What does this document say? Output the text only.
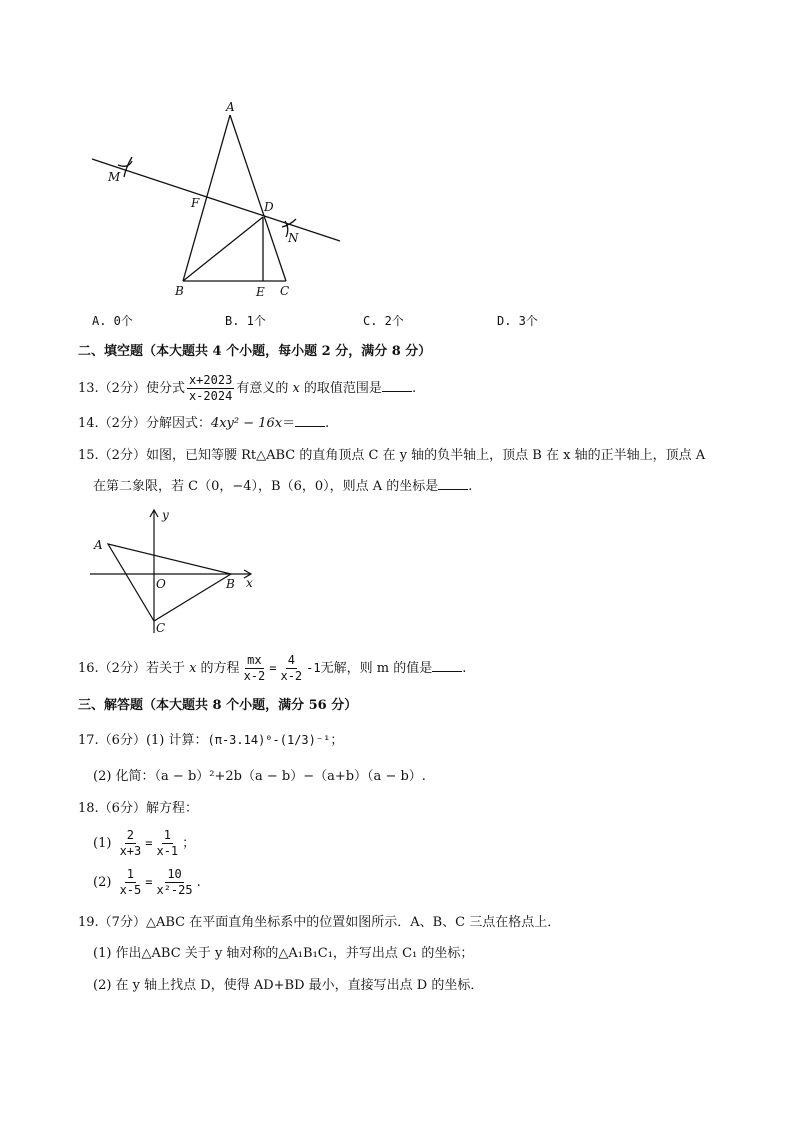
A
M
F	D
N
B	E C
A. 0个	B. 1个	C. 2个	D. 3个
二、填空题（本大题共 4 个小题，每小题 2 分，满分 8 分）
13.（2分）使分式 $\frac{x+2023}{x-2024}$ 有意义的 x 的取值范围是 .
14.（2分）分解因式：4xy² − 16x＝ .
15.（2分）如图，已知等腰 Rt△ABC 的直角顶点 C 在 y 轴的负半轴上，顶点 B 在 x 轴的正半轴上，顶点 A
在第二象限，若 C（0，−4），B（6，0），则点 A 的坐标是 .
y
A
O	B x
C
16.（2分）若关于 x 的方程 $\frac{mx}{x-2} = \frac{4}{x-2} -1$无解，则 m 的值是 .
三、解答题（本大题共 8 个小题，满分 56 分）
17.（6分）(1) 计算：(π-3.14)⁰-(1/3)⁻¹；
(2) 化简：（a − b）²+2b（a − b）−（a+b）（a − b）.
18.（6分）解方程：
$(1) \frac{2}{x+3} = \frac{1}{x-1}$ ；
$(2) \frac{1}{x-5} = \frac{10}{\text{x²-25}}$ .
19.（7分）△ABC 在平面直角坐标系中的位置如图所示．A、B、C 三点在格点上．
(1) 作出△ABC 关于 y 轴对称的△A₁B₁C₁，并写出点 C₁ 的坐标；
(2) 在 y 轴上找点 D，使得 AD+BD 最小，直接写出点 D 的坐标．
